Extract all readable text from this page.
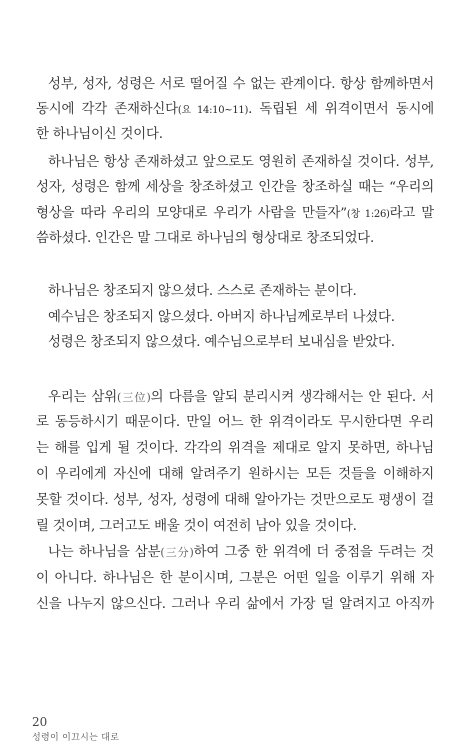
성부, 성자, 성령은 서로 떨어질 수 없는 관계이다. 항상 함께하면서
동시에 각각 존재하신다(요 14:10~11). 독립된 세 위격이면서 동시에
한 하나님이신 것이다.
하나님은 항상 존재하셨고 앞으로도 영원히 존재하실 것이다. 성부,
성자, 성령은 함께 세상을 창조하셨고 인간을 창조하실 때는 “우리의
형상을 따라 우리의 모양대로 우리가 사람을 만들자”(창 1:26)라고 말
씀하셨다. 인간은 말 그대로 하나님의 형상대로 창조되었다.
하나님은 창조되지 않으셨다. 스스로 존재하는 분이다.
예수님은 창조되지 않으셨다. 아버지 하나님께로부터 나셨다.
성령은 창조되지 않으셨다. 예수님으로부터 보내심을 받았다.
우리는 삼위(三位)의 다름을 알되 분리시켜 생각해서는 안 된다. 서
로 동등하시기 때문이다. 만일 어느 한 위격이라도 무시한다면 우리
는 해를 입게 될 것이다. 각각의 위격을 제대로 알지 못하면, 하나님
이 우리에게 자신에 대해 알려주기 원하시는 모든 것들을 이해하지
못할 것이다. 성부, 성자, 성령에 대해 알아가는 것만으로도 평생이 걸
릴 것이며, 그러고도 배울 것이 여전히 남아 있을 것이다.
나는 하나님을 삼분(三分)하여 그중 한 위격에 더 중점을 두려는 것
이 아니다. 하나님은 한 분이시며, 그분은 어떤 일을 이루기 위해 자
신을 나누지 않으신다. 그러나 우리 삶에서 가장 덜 알려지고 아직까
20
성령이 이끄시는 대로
